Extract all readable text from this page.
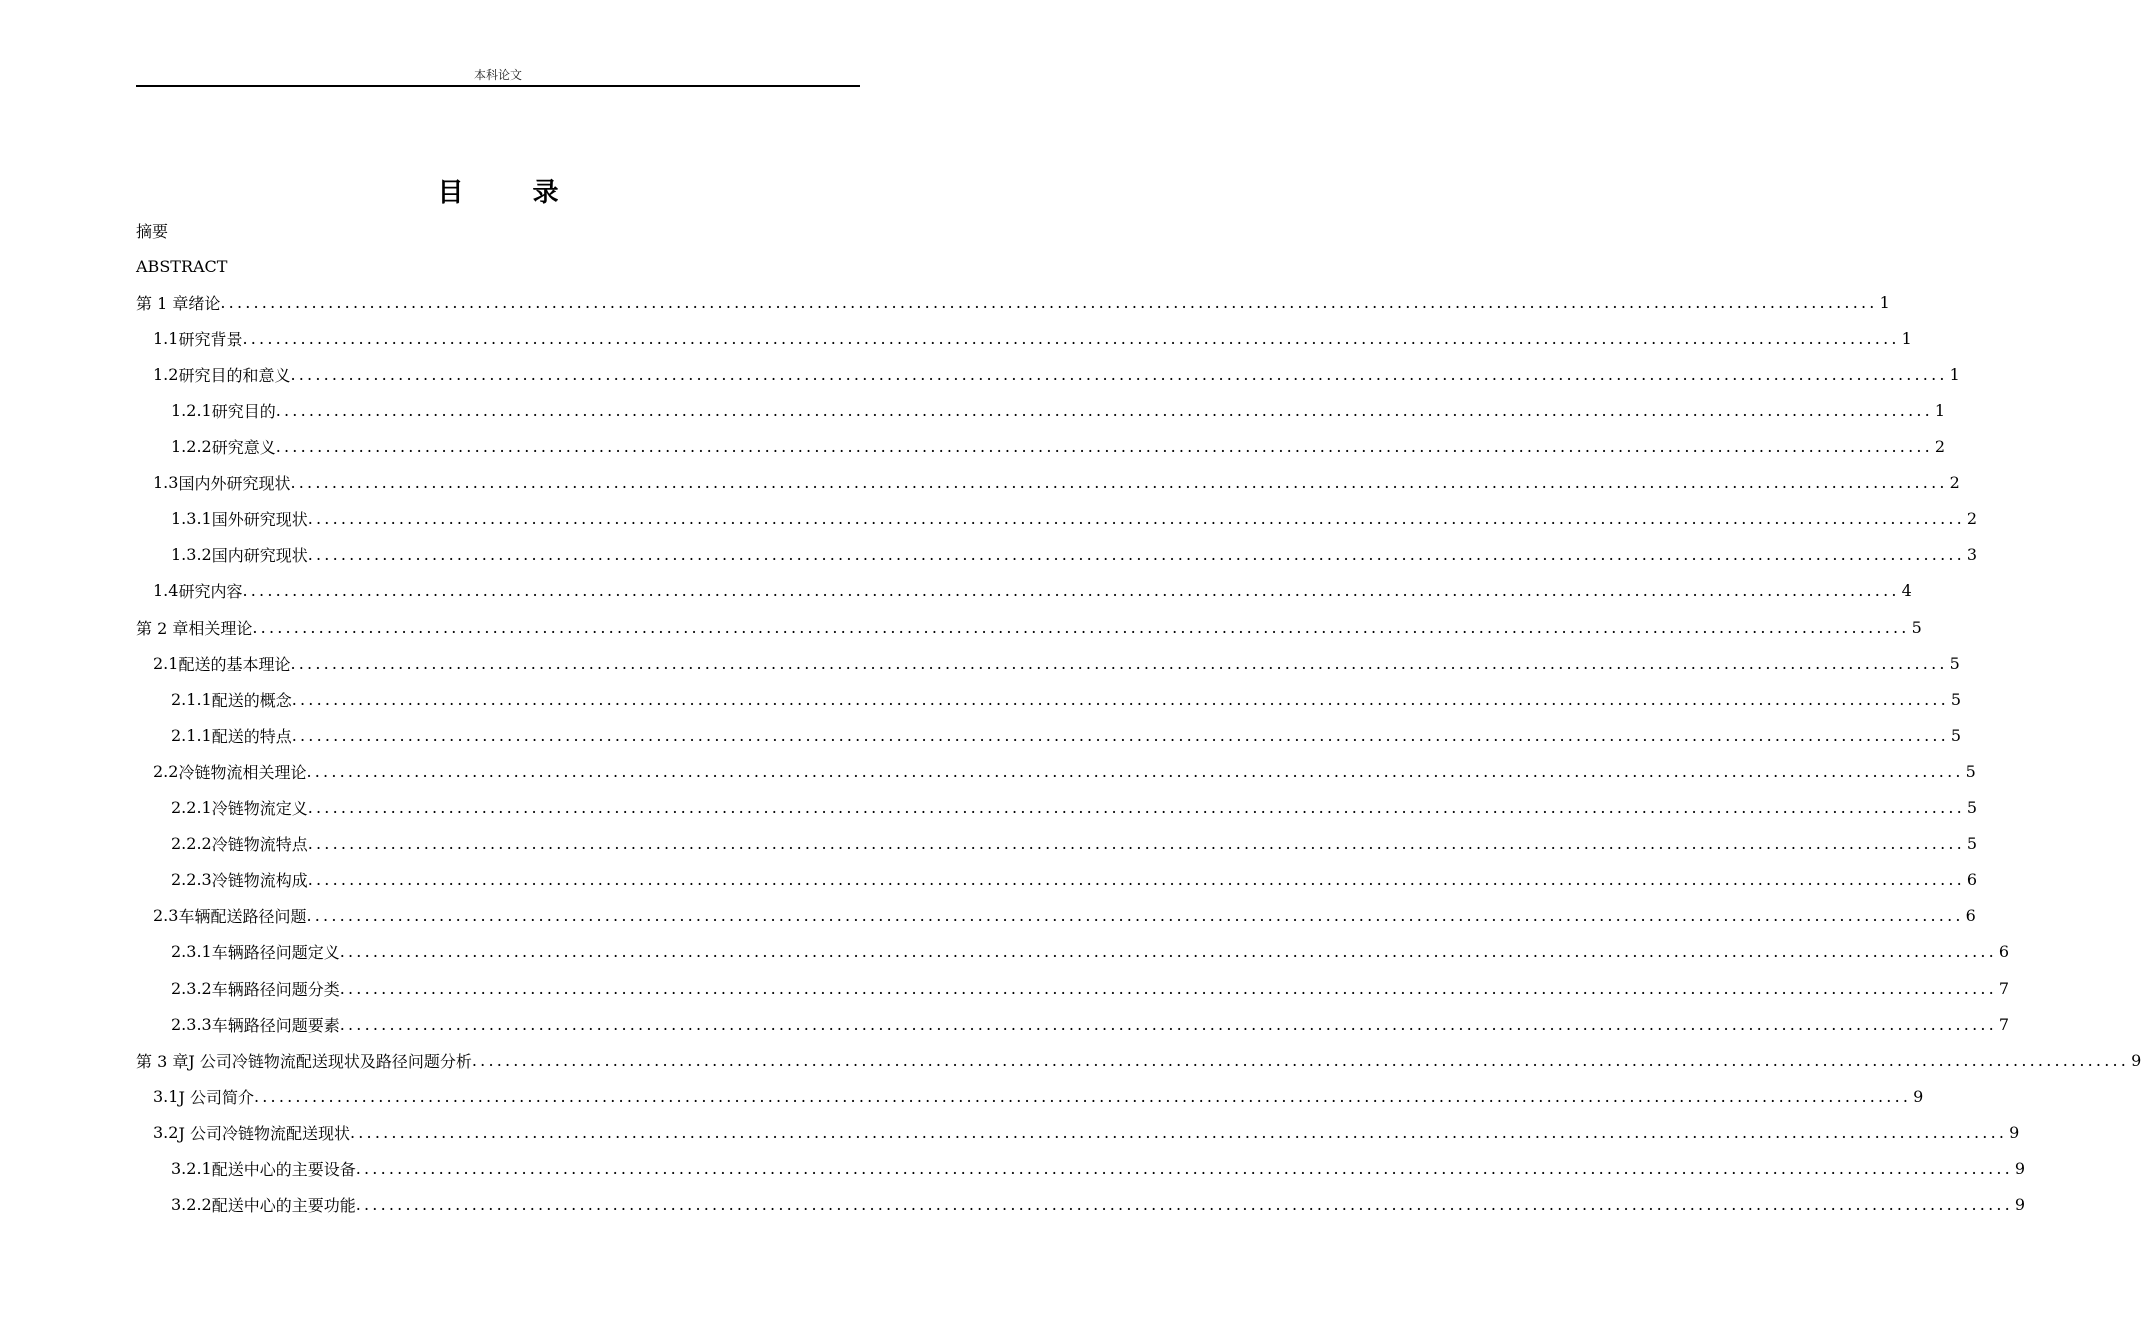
本科论文
目 录
摘要
ABSTRACT
第 1 章 绪论 ........................................................................................................................................................................................................ 1
1.1 研究背景 ........................................................................................................................................................................................................ 1
1.2 研究目的和意义 ........................................................................................................................................................................................................ 1
1.2.1 研究目的 ........................................................................................................................................................................................................ 1
1.2.2 研究意义 ........................................................................................................................................................................................................ 2
1.3 国内外研究现状 ........................................................................................................................................................................................................ 2
1.3.1 国外研究现状 ........................................................................................................................................................................................................ 2
1.3.2 国内研究现状 ........................................................................................................................................................................................................ 3
1.4 研究内容 ........................................................................................................................................................................................................ 4
第 2 章 相关理论 ........................................................................................................................................................................................................ 5
2.1 配送的基本理论 ........................................................................................................................................................................................................ 5
2.1.1 配送的概念 ........................................................................................................................................................................................................ 5
2.1.1 配送的特点 ........................................................................................................................................................................................................ 5
2.2 冷链物流相关理论 ........................................................................................................................................................................................................ 5
2.2.1 冷链物流定义 ........................................................................................................................................................................................................ 5
2.2.2 冷链物流特点 ........................................................................................................................................................................................................ 5
2.2.3 冷链物流构成 ........................................................................................................................................................................................................ 6
2.3 车辆配送路径问题 ........................................................................................................................................................................................................ 6
2.3.1 车辆路径问题定义 ........................................................................................................................................................................................................ 6
2.3.2 车辆路径问题分类 ........................................................................................................................................................................................................ 7
2.3.3 车辆路径问题要素 ........................................................................................................................................................................................................ 7
第 3 章 J 公司冷链物流配送现状及路径问题分析 ........................................................................................................................................................................................................ 9
3.1 J 公司简介 ........................................................................................................................................................................................................ 9
3.2 J 公司冷链物流配送现状 ........................................................................................................................................................................................................ 9
3.2.1 配送中心的主要设备 ........................................................................................................................................................................................................ 9
3.2.2 配送中心的主要功能 ........................................................................................................................................................................................................ 9
